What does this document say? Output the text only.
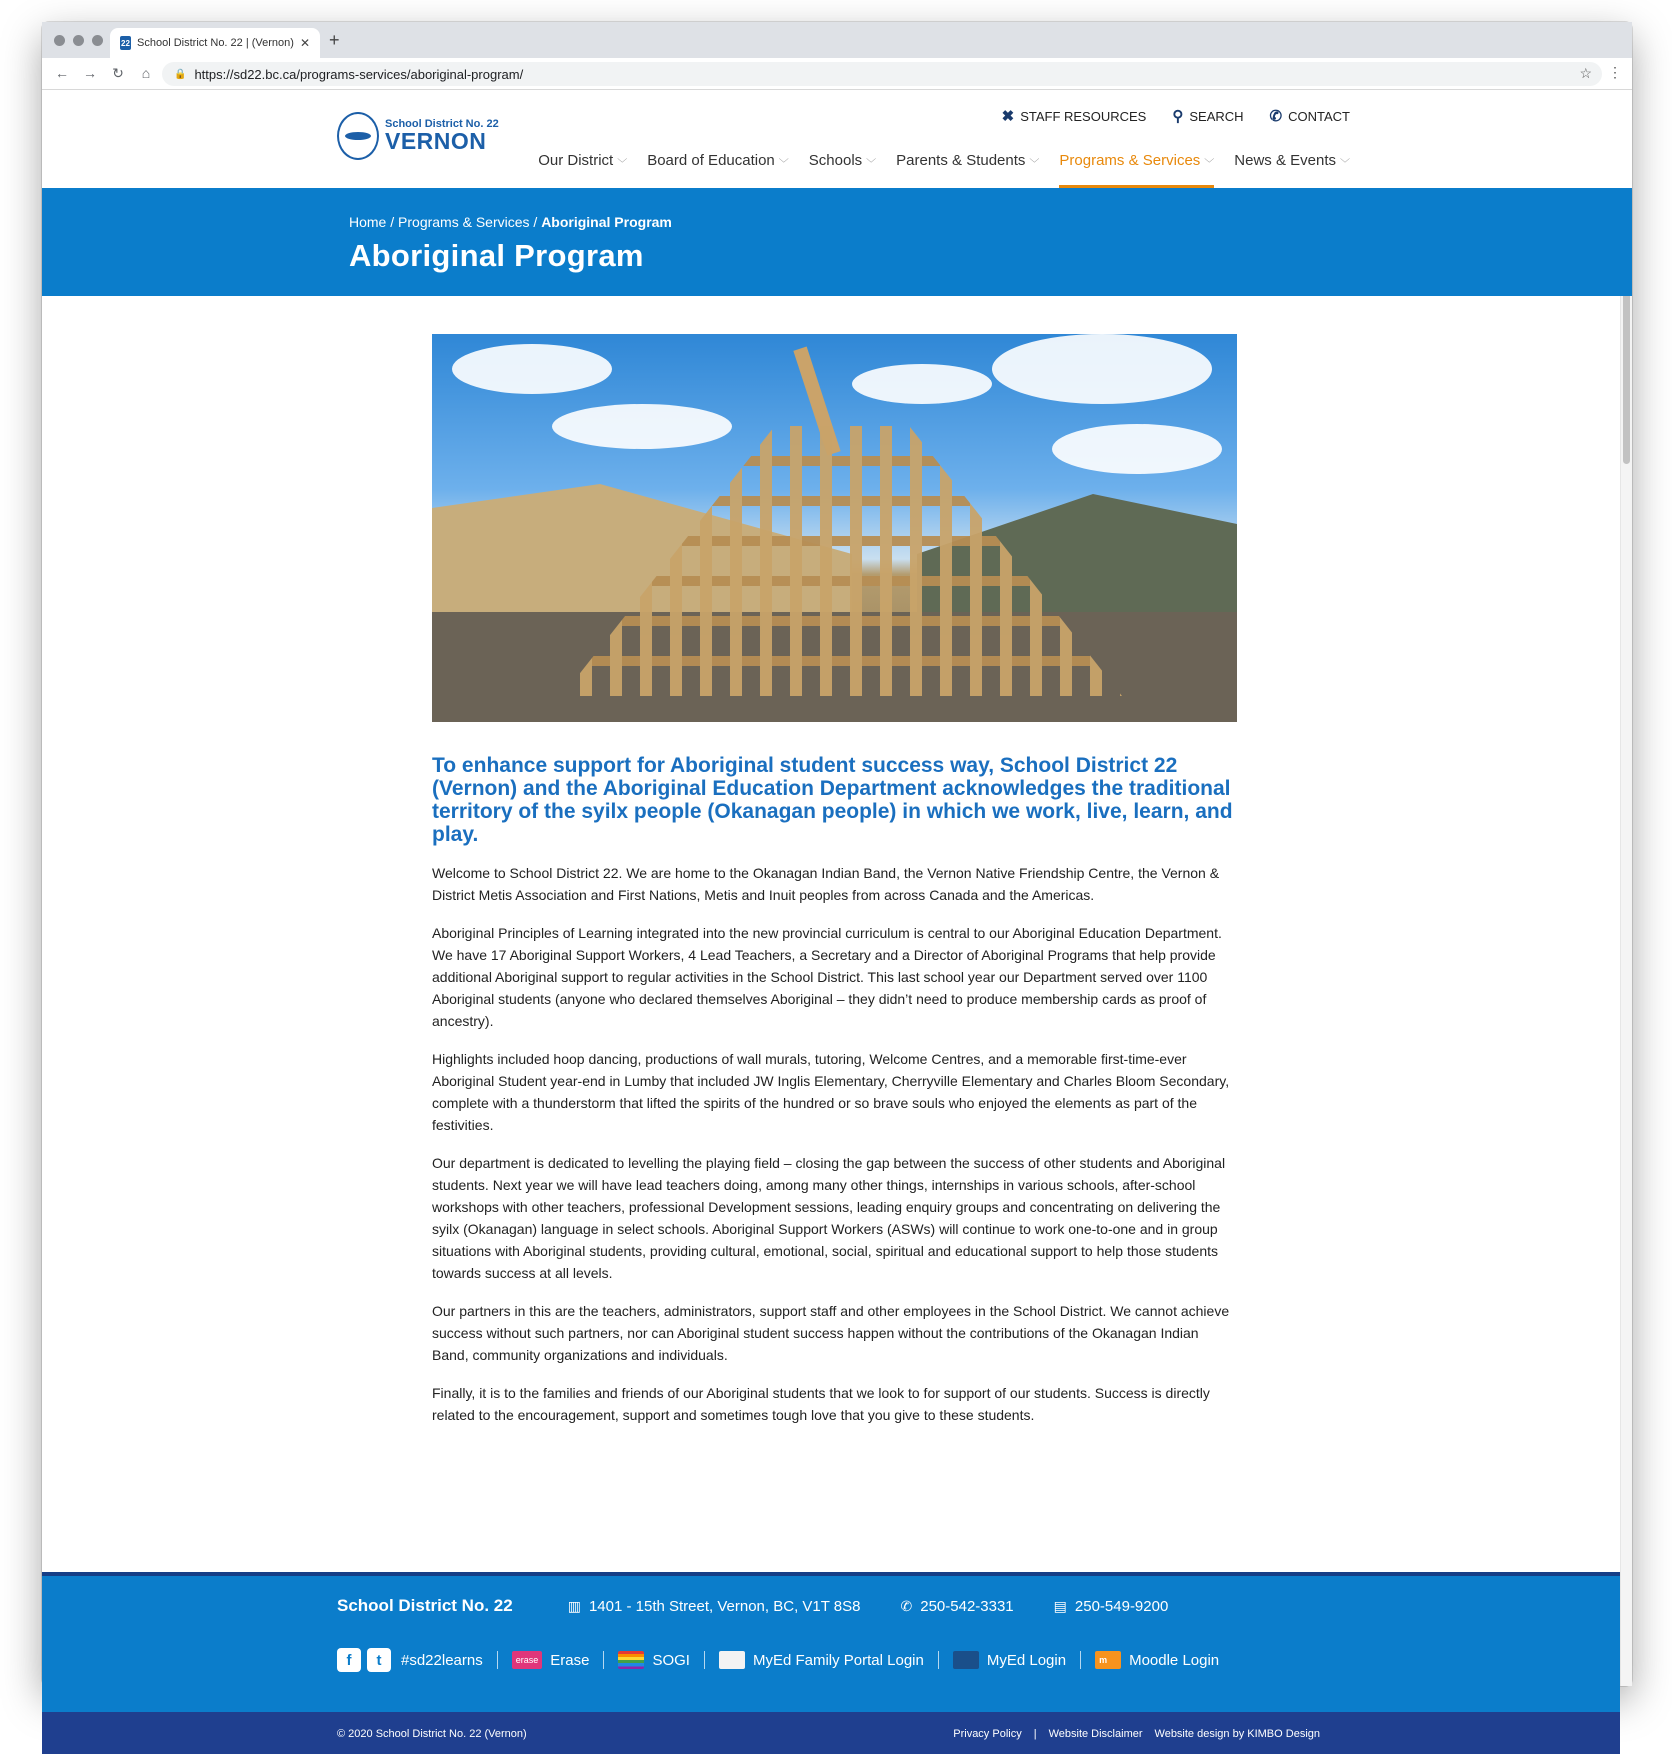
22 School District No. 22 | (Vernon) ✕ +
←	→	↻	⌂	🔒 https://sd22.bc.ca/programs-services/aboriginal-program/	☆ ⋮
School District No. 22
VERNON
✖ STAFF RESOURCES ⚲ SEARCH ✆ CONTACT
Our District ﹀ Board of Education ﹀ Schools ﹀ Parents & Students ﹀ Programs & Services ﹀ News & Events ﹀
Home / Programs & Services / Aboriginal Program
Aboriginal Program
To enhance support for Aboriginal student success way, School District 22 (Vernon) and the Aboriginal Education Department acknowledges the traditional territory of the syilx people (Okanagan people) in which we work, live, learn, and play.

Welcome to School District 22. We are home to the Okanagan Indian Band, the Vernon Native Friendship Centre, the Vernon & District Metis Association and First Nations, Metis and Inuit peoples from across Canada and the Americas.

Aboriginal Principles of Learning integrated into the new provincial curriculum is central to our Aboriginal Education Department. We have 17 Aboriginal Support Workers, 4 Lead Teachers, a Secretary and a Director of Aboriginal Programs that help provide additional Aboriginal support to regular activities in the School District. This last school year our Department served over 1100 Aboriginal students (anyone who declared themselves Aboriginal – they didn’t need to produce membership cards as proof of ancestry).

Highlights included hoop dancing, productions of wall murals, tutoring, Welcome Centres, and a memorable first-time-ever Aboriginal Student year-end in Lumby that included JW Inglis Elementary, Cherryville Elementary and Charles Bloom Secondary, complete with a thunderstorm that lifted the spirits of the hundred or so brave souls who enjoyed the elements as part of the festivities.

Our department is dedicated to levelling the playing field – closing the gap between the success of other students and Aboriginal students. Next year we will have lead teachers doing, among many other things, internships in various schools, after-school workshops with other teachers, professional Development sessions, leading enquiry groups and concentrating on delivering the syilx (Okanagan) language in select schools. Aboriginal Support Workers (ASWs) will continue to work one-to-one and in group situations with Aboriginal students, providing cultural, emotional, social, spiritual and educational support to help those students towards success at all levels.

Our partners in this are the teachers, administrators, support staff and other employees in the School District. We cannot achieve success without such partners, nor can Aboriginal student success happen without the contributions of the Okanagan Indian Band, community organizations and individuals.

Finally, it is to the families and friends of our Aboriginal students that we look to for support of our students. Success is directly related to the encouragement, support and sometimes tough love that you give to these students.

School District No. 22	▥ 1401 - 15th Street, Vernon, BC, V1T 8S8	✆ 250-542-3331	▤ 250-549-9200
f	t	#sd22learns	erase Erase	SOGI	MyEd Family Portal Login	MyEd Login	m	Moodle Login
© 2020 School District No. 22 (Vernon)	Privacy Policy | Website Disclaimer Website design by KIMBO Design
